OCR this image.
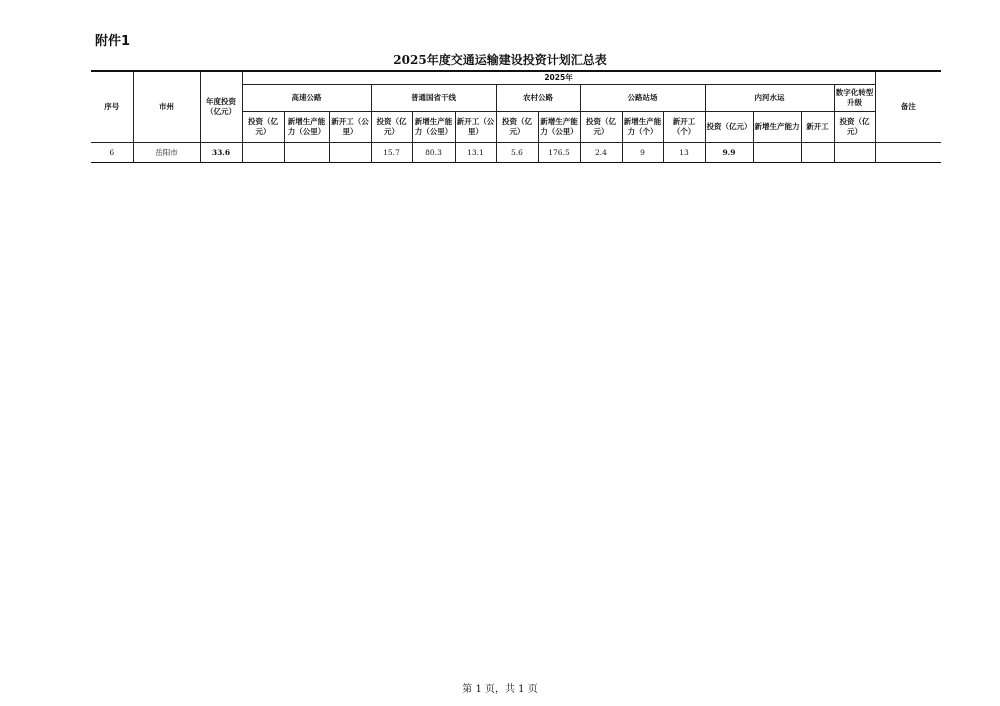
附件1
2025年度交通运输建设投资计划汇总表
序号	市州	年度投资（亿元）	2025年															备注
			高速公路			普通国省干线			农村公路		公路站场			内河水运			数字化转型升级	
			投资（亿元）	新增生产能力（公里）	新开工（公里）	投资（亿元）	新增生产能力（公里）	新开工（公里）	投资（亿元）	新增生产能力（公里）	投资（亿元）	新增生产能力（个）	新开工（个）	投资（亿元）	新增生产能力	新开工	投资（亿元）	
6	岳阳市	33.6				15.7	80.3	13.1	5.6	176.5	2.4	9	13	9.9				
第 1 页，共 1 页
